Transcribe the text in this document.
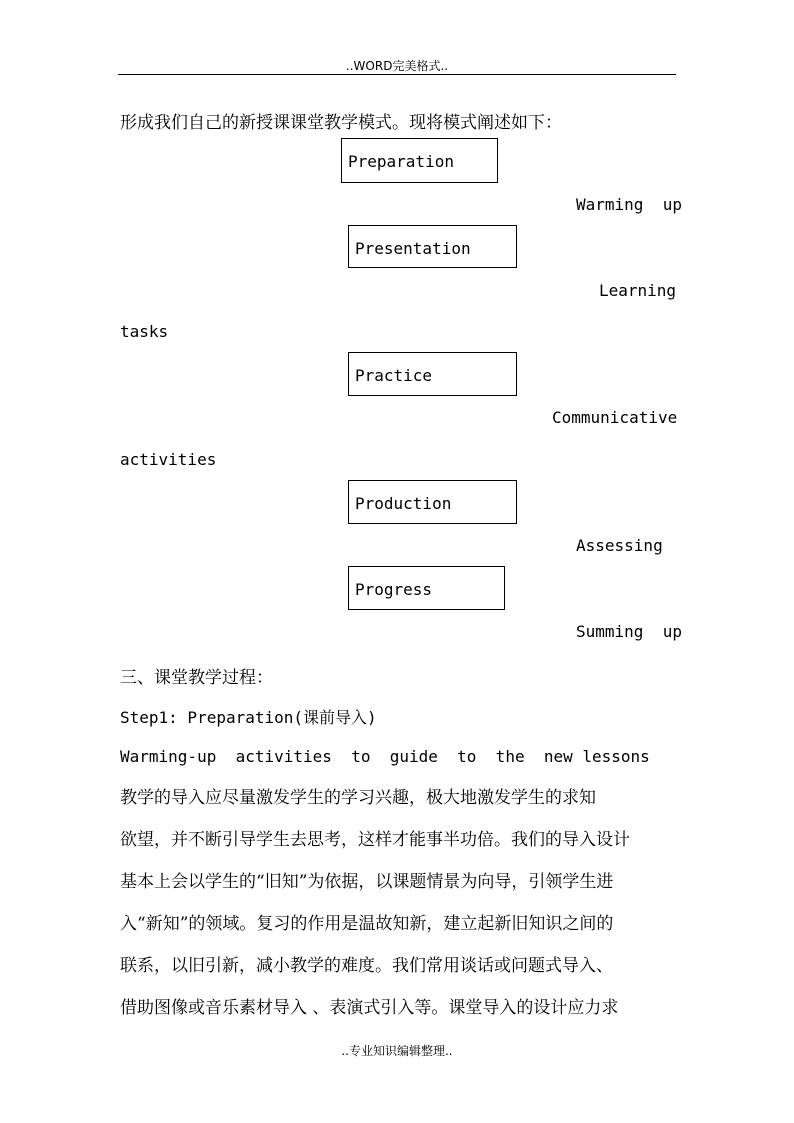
..WORD完美格式..
形成我们自己的新授课课堂教学模式。现将模式阐述如下：

Preparation

Warming  up

Presentation

Learning
tasks

Practice

Communicative
activities

Production

Assessing

Progress

Summing  up
三、课堂教学过程：
Step1: Preparation(课前导入)
Warming-up  activities  to  guide  to  the  new lessons
教学的导入应尽量激发学生的学习兴趣，极大地激发学生的求知
欲望，并不断引导学生去思考，这样才能事半功倍。我们的导入设计
基本上会以学生的“旧知”为依据，以课题情景为向导，引领学生进
入“新知”的领域。复习的作用是温故知新，建立起新旧知识之间的
联系，以旧引新，减小教学的难度。我们常用谈话或问题式导入、
借助图像或音乐素材导入 、表演式引入等。课堂导入的设计应力求
..专业知识编辑整理..
